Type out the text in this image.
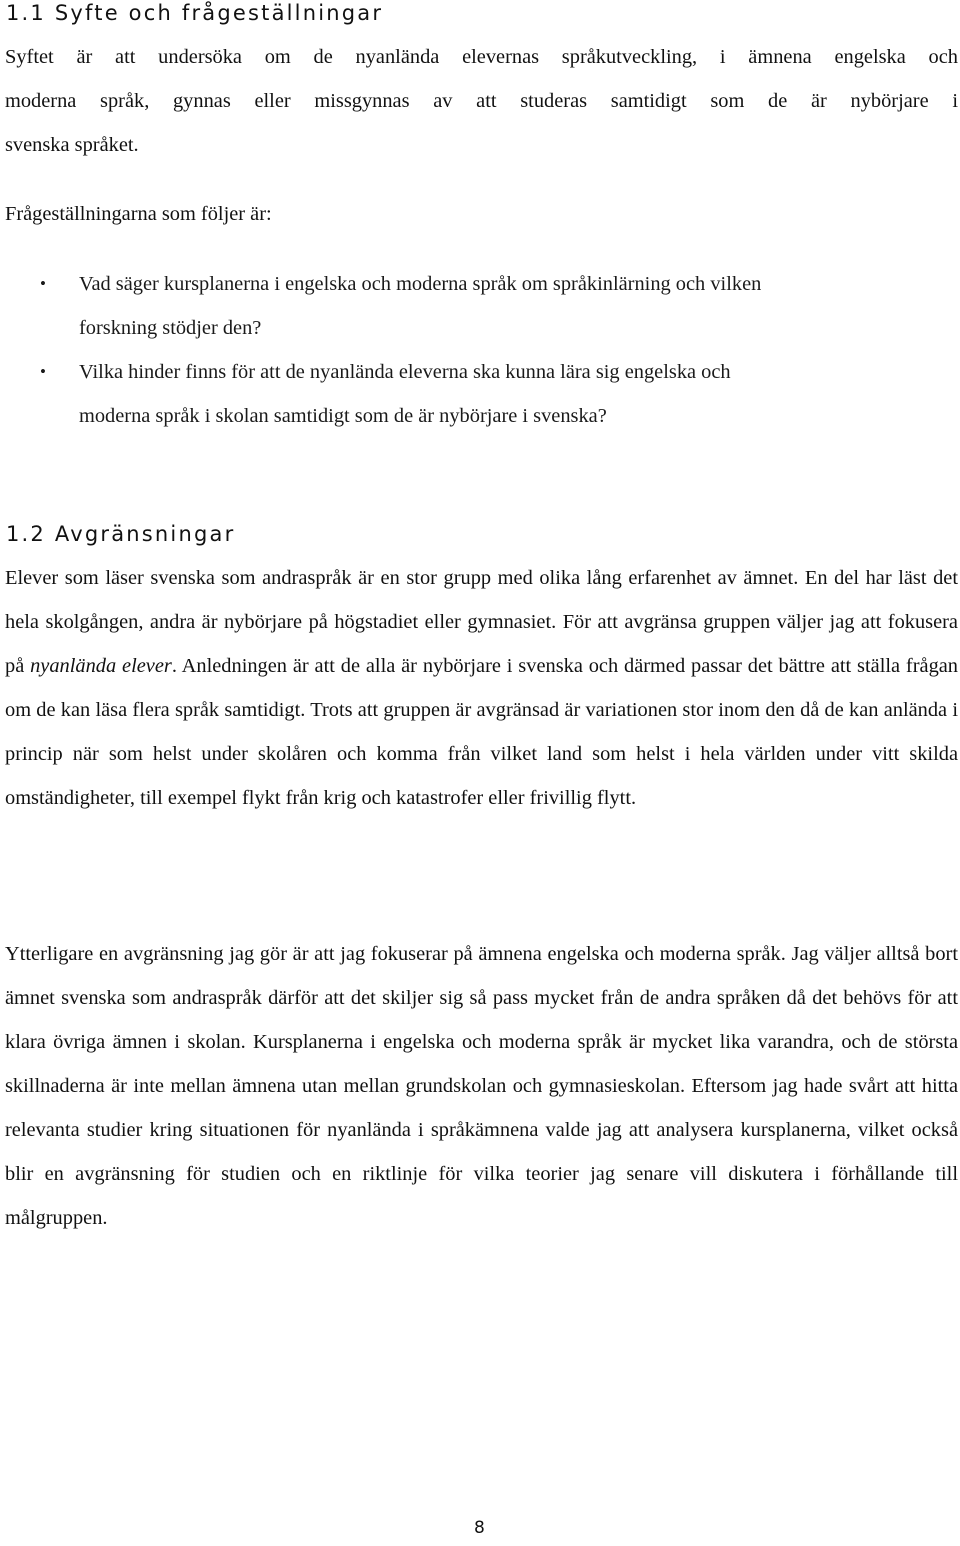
1.1 Syfte och frågeställningar

Syftet är att undersöka om de nyanlända elevernas språkutveckling, i ämnena engelska och
moderna språk, gynnas eller missgynnas av att studeras samtidigt som de är nybörjare i
svenska språket.

Frågeställningarna som följer är:

• Vad säger kursplanerna i engelska och moderna språk om språkinlärning och vilken
forskning stödjer den?
• Vilka hinder finns för att de nyanlända eleverna ska kunna lära sig engelska och
moderna språk i skolan samtidigt som de är nybörjare i svenska?
1.2 Avgränsningar

Elever som läser svenska som andraspråk är en stor grupp med olika lång erfarenhet av ämnet. En del har läst det hela skolgången, andra är nybörjare på högstadiet eller gymnasiet. För att avgränsa gruppen väljer jag att fokusera på nyanlända elever. Anledningen är att de alla är nybörjare i svenska och därmed passar det bättre att ställa frågan om de kan läsa flera språk samtidigt. Trots att gruppen är avgränsad är variationen stor inom den då de kan anlända i princip när som helst under skolåren och komma från vilket land som helst i hela världen under vitt skilda omständigheter, till exempel flykt från krig och katastrofer eller frivillig flytt.

Ytterligare en avgränsning jag gör är att jag fokuserar på ämnena engelska och moderna språk. Jag väljer alltså bort ämnet svenska som andraspråk därför att det skiljer sig så pass mycket från de andra språken då det behövs för att klara övriga ämnen i skolan. Kursplanerna i engelska och moderna språk är mycket lika varandra, och de största skillnaderna är inte mellan ämnena utan mellan grundskolan och gymnasieskolan. Eftersom jag hade svårt att hitta relevanta studier kring situationen för nyanlända i språkämnena valde jag att analysera kursplanerna, vilket också blir en avgränsning för studien och en riktlinje för vilka teorier jag senare vill diskutera i förhållande till målgruppen.

8
